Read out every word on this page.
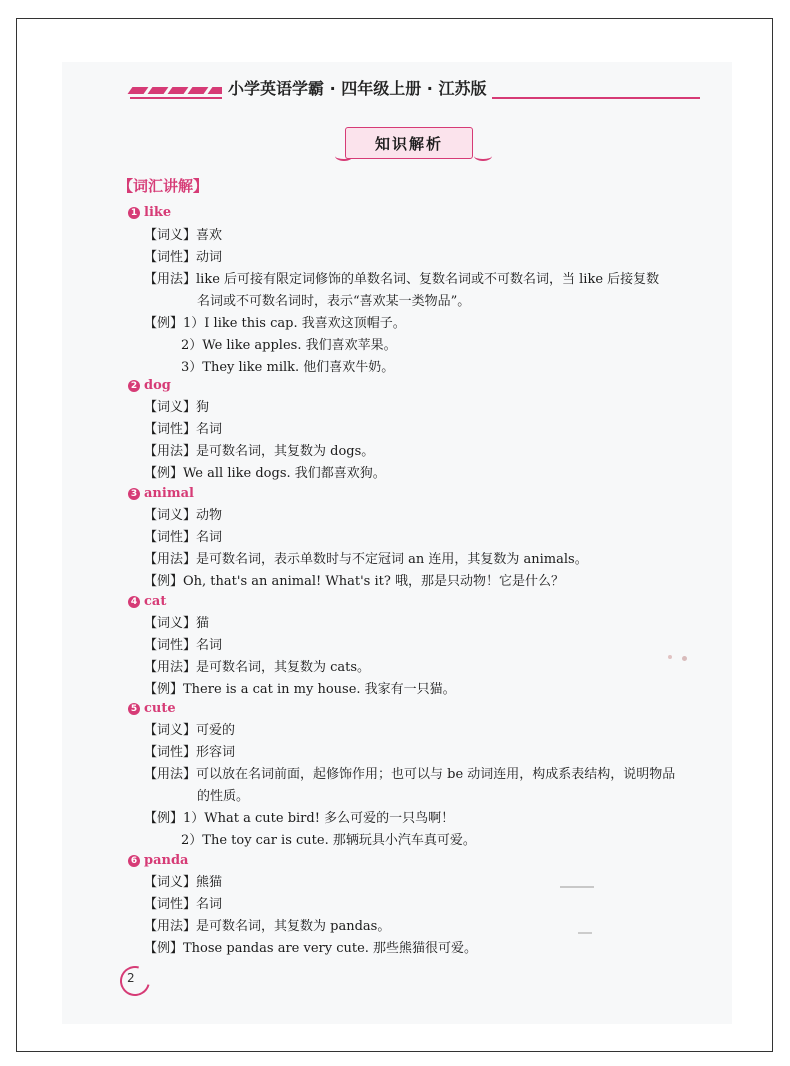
小学英语学霸 · 四年级上册 · 江苏版
知识解析
【词汇讲解】
1 like
【词义】喜欢
【词性】动词
【用法】like 后可接有限定词修饰的单数名词、复数名词或不可数名词，当 like 后接复数
名词或不可数名词时，表示“喜欢某一类物品”。
【例】1）I like this cap. 我喜欢这顶帽子。
2）We like apples. 我们喜欢苹果。
3）They like milk. 他们喜欢牛奶。
2 dog
【词义】狗
【词性】名词
【用法】是可数名词，其复数为 dogs。
【例】We all like dogs. 我们都喜欢狗。
3 animal
【词义】动物
【词性】名词
【用法】是可数名词，表示单数时与不定冠词 an 连用，其复数为 animals。
【例】Oh, that's an animal! What's it? 哦，那是只动物！它是什么？
4 cat
【词义】猫
【词性】名词
【用法】是可数名词，其复数为 cats。
【例】There is a cat in my house. 我家有一只猫。
5 cute
【词义】可爱的
【词性】形容词
【用法】可以放在名词前面，起修饰作用；也可以与 be 动词连用，构成系表结构，说明物品
的性质。
【例】1）What a cute bird! 多么可爱的一只鸟啊！
2）The toy car is cute. 那辆玩具小汽车真可爱。
6 panda
【词义】熊猫
【词性】名词
【用法】是可数名词，其复数为 pandas。
【例】Those pandas are very cute. 那些熊猫很可爱。
2
